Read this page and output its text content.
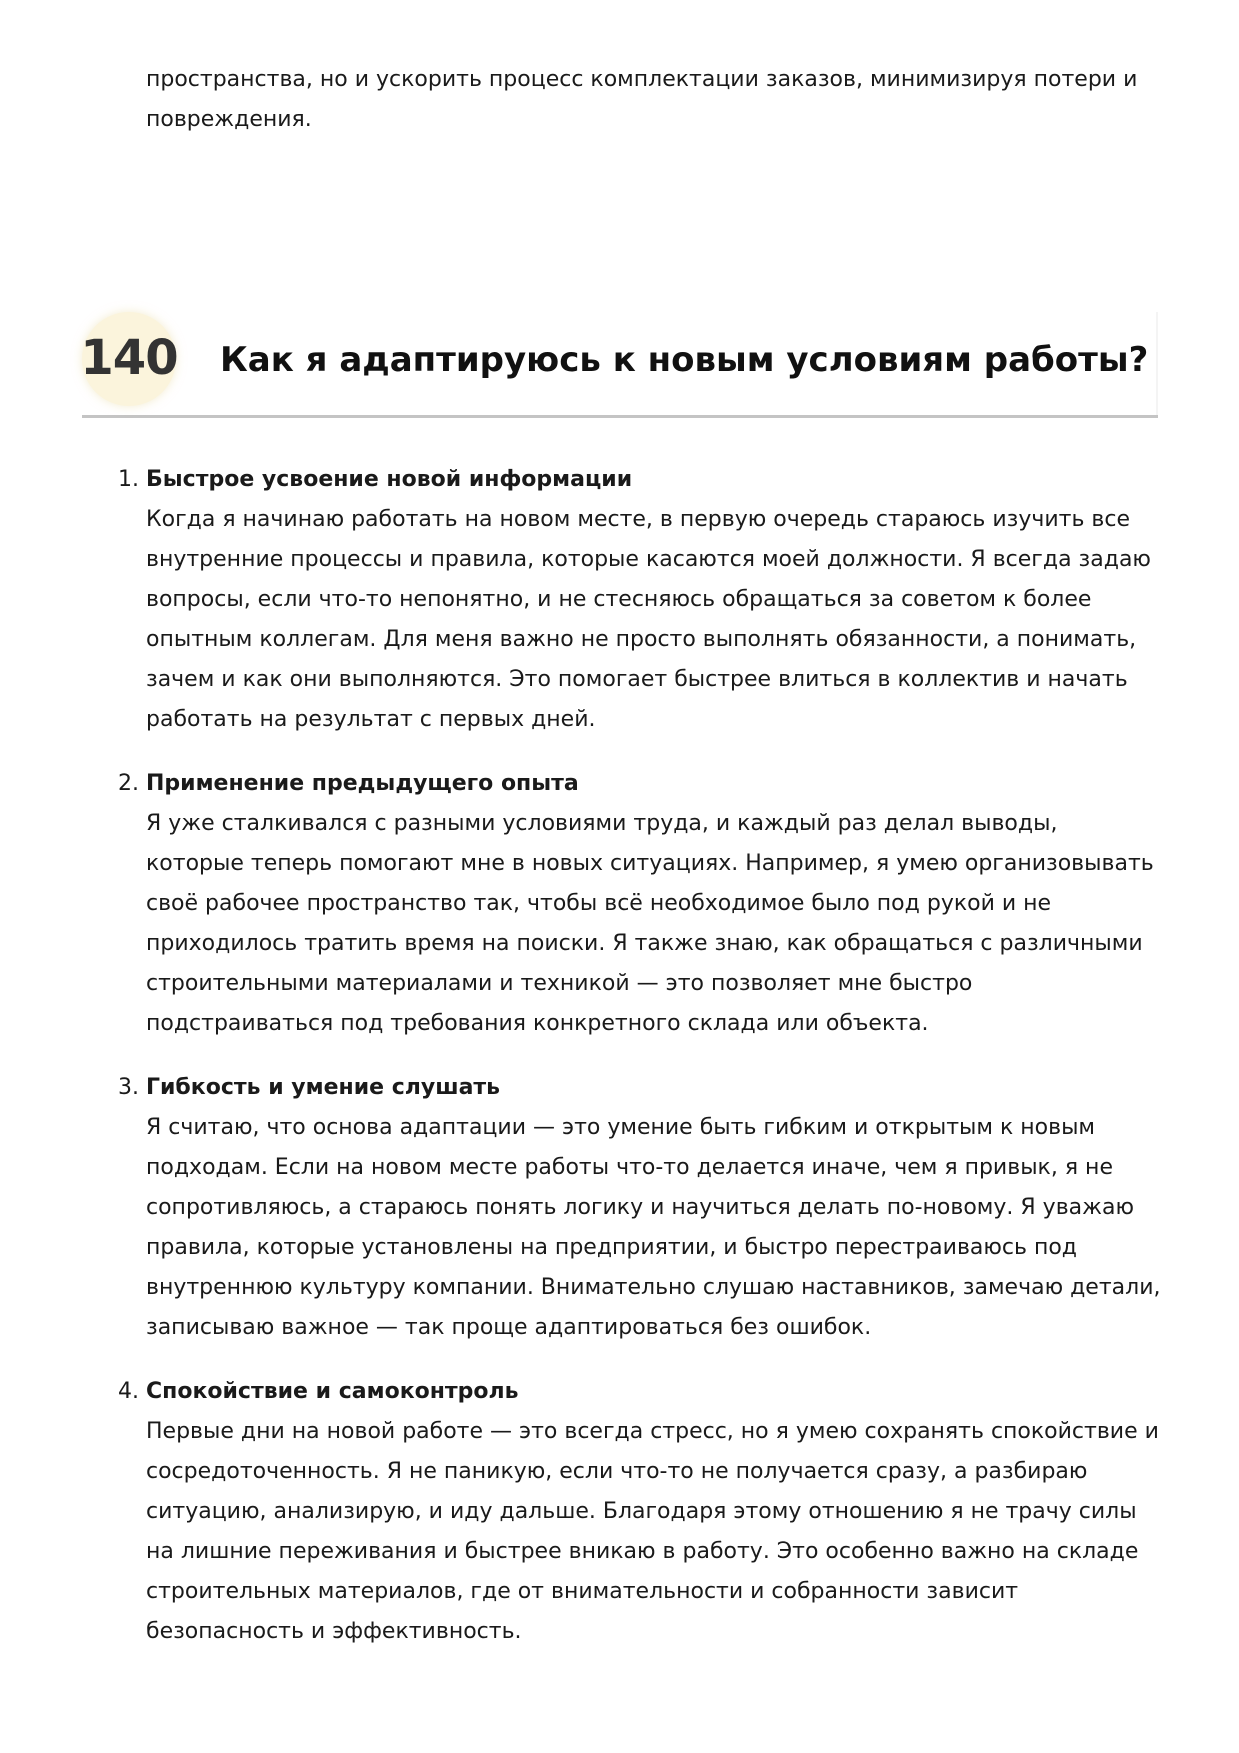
пространства, но и ускорить процесс комплектации заказов, минимизируя потери и повреждения.

140 Как я адаптируюсь к новым условиям работы?
1. Быстрое усвоение новой информации

Когда я начинаю работать на новом месте, в первую очередь стараюсь изучить все внутренние процессы и правила, которые касаются моей должности. Я всегда задаю вопросы, если что-то непонятно, и не стесняюсь обращаться за советом к более опытным коллегам. Для меня важно не просто выполнять обязанности, а понимать, зачем и как они выполняются. Это помогает быстрее влиться в коллектив и начать работать на результат с первых дней.

2. Применение предыдущего опыта

Я уже сталкивался с разными условиями труда, и каждый раз делал выводы, которые теперь помогают мне в новых ситуациях. Например, я умею организовывать своё рабочее пространство так, чтобы всё необходимое было под рукой и не приходилось тратить время на поиски. Я также знаю, как обращаться с различными строительными материалами и техникой — это позволяет мне быстро подстраиваться под требования конкретного склада или объекта.

3. Гибкость и умение слушать

Я считаю, что основа адаптации — это умение быть гибким и открытым к новым подходам. Если на новом месте работы что-то делается иначе, чем я привык, я не сопротивляюсь, а стараюсь понять логику и научиться делать по-новому. Я уважаю правила, которые установлены на предприятии, и быстро перестраиваюсь под внутреннюю культуру компании. Внимательно слушаю наставников, замечаю детали, записываю важное — так проще адаптироваться без ошибок.

4. Спокойствие и самоконтроль

Первые дни на новой работе — это всегда стресс, но я умею сохранять спокойствие и сосредоточенность. Я не паникую, если что-то не получается сразу, а разбираю ситуацию, анализирую, и иду дальше. Благодаря этому отношению я не трачу силы на лишние переживания и быстрее вникаю в работу. Это особенно важно на складе строительных материалов, где от внимательности и собранности зависит безопасность и эффективность.
